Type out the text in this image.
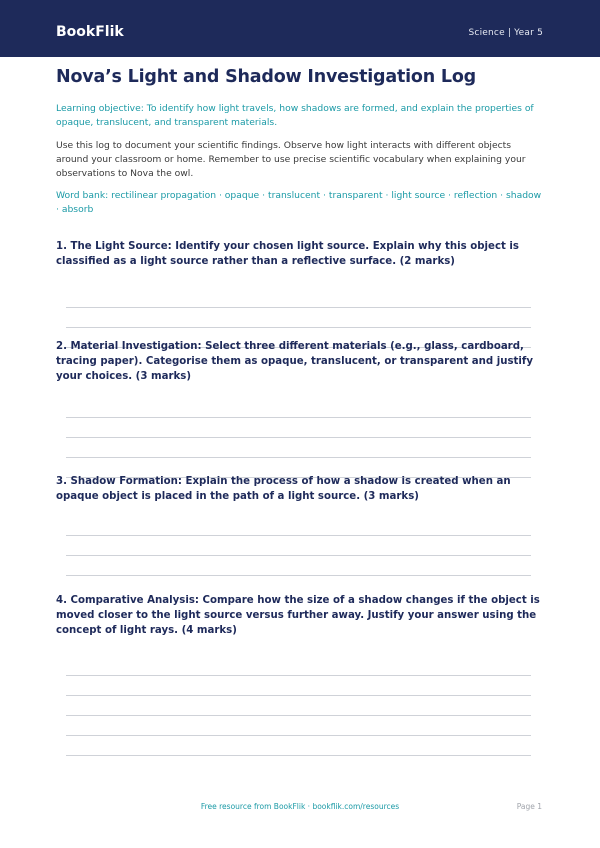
BookFlik	Science | Year 5
Nova’s Light and Shadow Investigation Log
Learning objective: To identify how light travels, how shadows are formed, and explain the properties of opaque, translucent, and transparent materials.
Use this log to document your scientific findings. Observe how light interacts with different objects around your classroom or home. Remember to use precise scientific vocabulary when explaining your observations to Nova the owl.
Word bank: rectilinear propagation · opaque · translucent · transparent · light source · reflection · shadow · absorb
1. The Light Source: Identify your chosen light source. Explain why this object is classified as a light source rather than a reflective surface. (2 marks)
2. Material Investigation: Select three different materials (e.g., glass, cardboard, tracing paper). Categorise them as opaque, translucent, or transparent and justify your choices. (3 marks)
3. Shadow Formation: Explain the process of how a shadow is created when an opaque object is placed in the path of a light source. (3 marks)
4. Comparative Analysis: Compare how the size of a shadow changes if the object is moved closer to the light source versus further away. Justify your answer using the concept of light rays. (4 marks)
Free resource from BookFlik · bookflik.com/resources	Page 1
